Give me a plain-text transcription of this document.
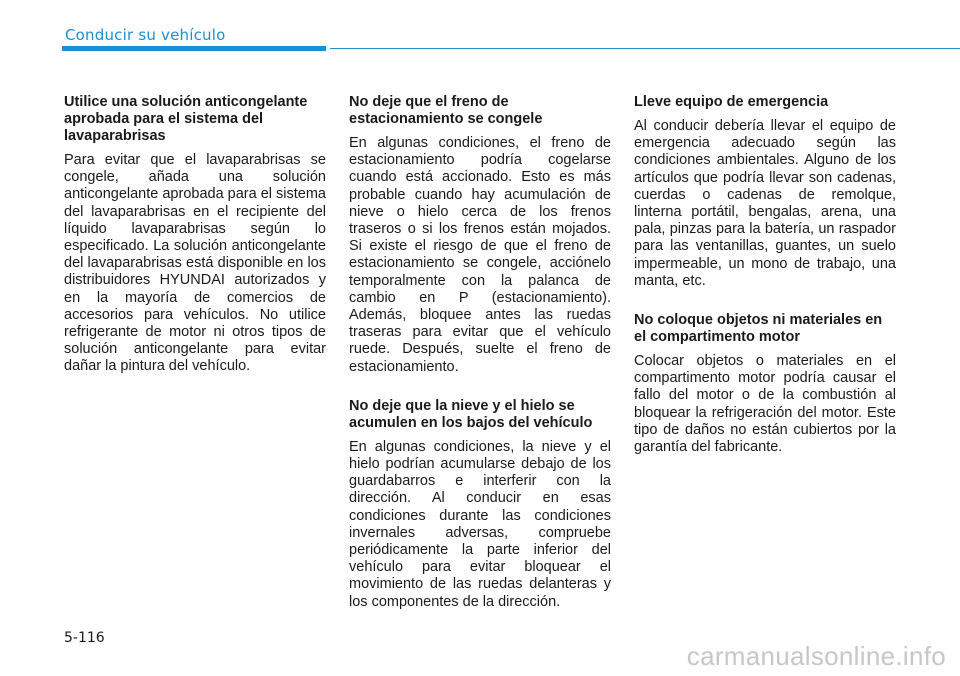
Conducir su vehículo
Utilice una solución anticongelante aprobada para el sistema del lavaparabrisas

Para evitar que el lavaparabrisas se congele, añada una solución anticongelante aprobada para el sistema del lavaparabrisas en el recipiente del líquido lavaparabrisas según lo especificado. La solución anticongelante del lavaparabrisas está disponible en los distribuidores HYUNDAI autorizados y en la mayoría de comercios de accesorios para vehículos. No utilice refrigerante de motor ni otros tipos de solución anticongelante para evitar dañar la pintura del vehículo.

No deje que el freno de estacionamiento se congele

En algunas condiciones, el freno de estacionamiento podría cogelarse cuando está accionado. Esto es más probable cuando hay acumulación de nieve o hielo cerca de los frenos traseros o si los frenos están mojados. Si existe el riesgo de que el freno de estacionamiento se congele, acciónelo temporalmente con la palanca de cambio en P (estacionamiento). Además, bloquee antes las ruedas traseras para evitar que el vehículo ruede. Después, suelte el freno de estacionamiento.

No deje que la nieve y el hielo se acumulen en los bajos del vehículo

En algunas condiciones, la nieve y el hielo podrían acumularse debajo de los guardabarros e interferir con la dirección. Al conducir en esas condiciones durante las condiciones invernales adversas, compruebe periódicamente la parte inferior del vehículo para evitar bloquear el movimiento de las ruedas delanteras y los componentes de la dirección.

Lleve equipo de emergencia

Al conducir debería llevar el equipo de emergencia adecuado según las condiciones ambientales. Alguno de los artículos que podría llevar son cadenas, cuerdas o cadenas de remolque, linterna portátil, bengalas, arena, una pala, pinzas para la batería, un raspador para las ventanillas, guantes, un suelo impermeable, un mono de trabajo, una manta, etc.

No coloque objetos ni materiales en el compartimento motor

Colocar objetos o materiales en el compartimento motor podría causar el fallo del motor o de la combustión al bloquear la refrigeración del motor. Este tipo de daños no están cubiertos por la garantía del fabricante.

5-116
carmanualsonline.info
